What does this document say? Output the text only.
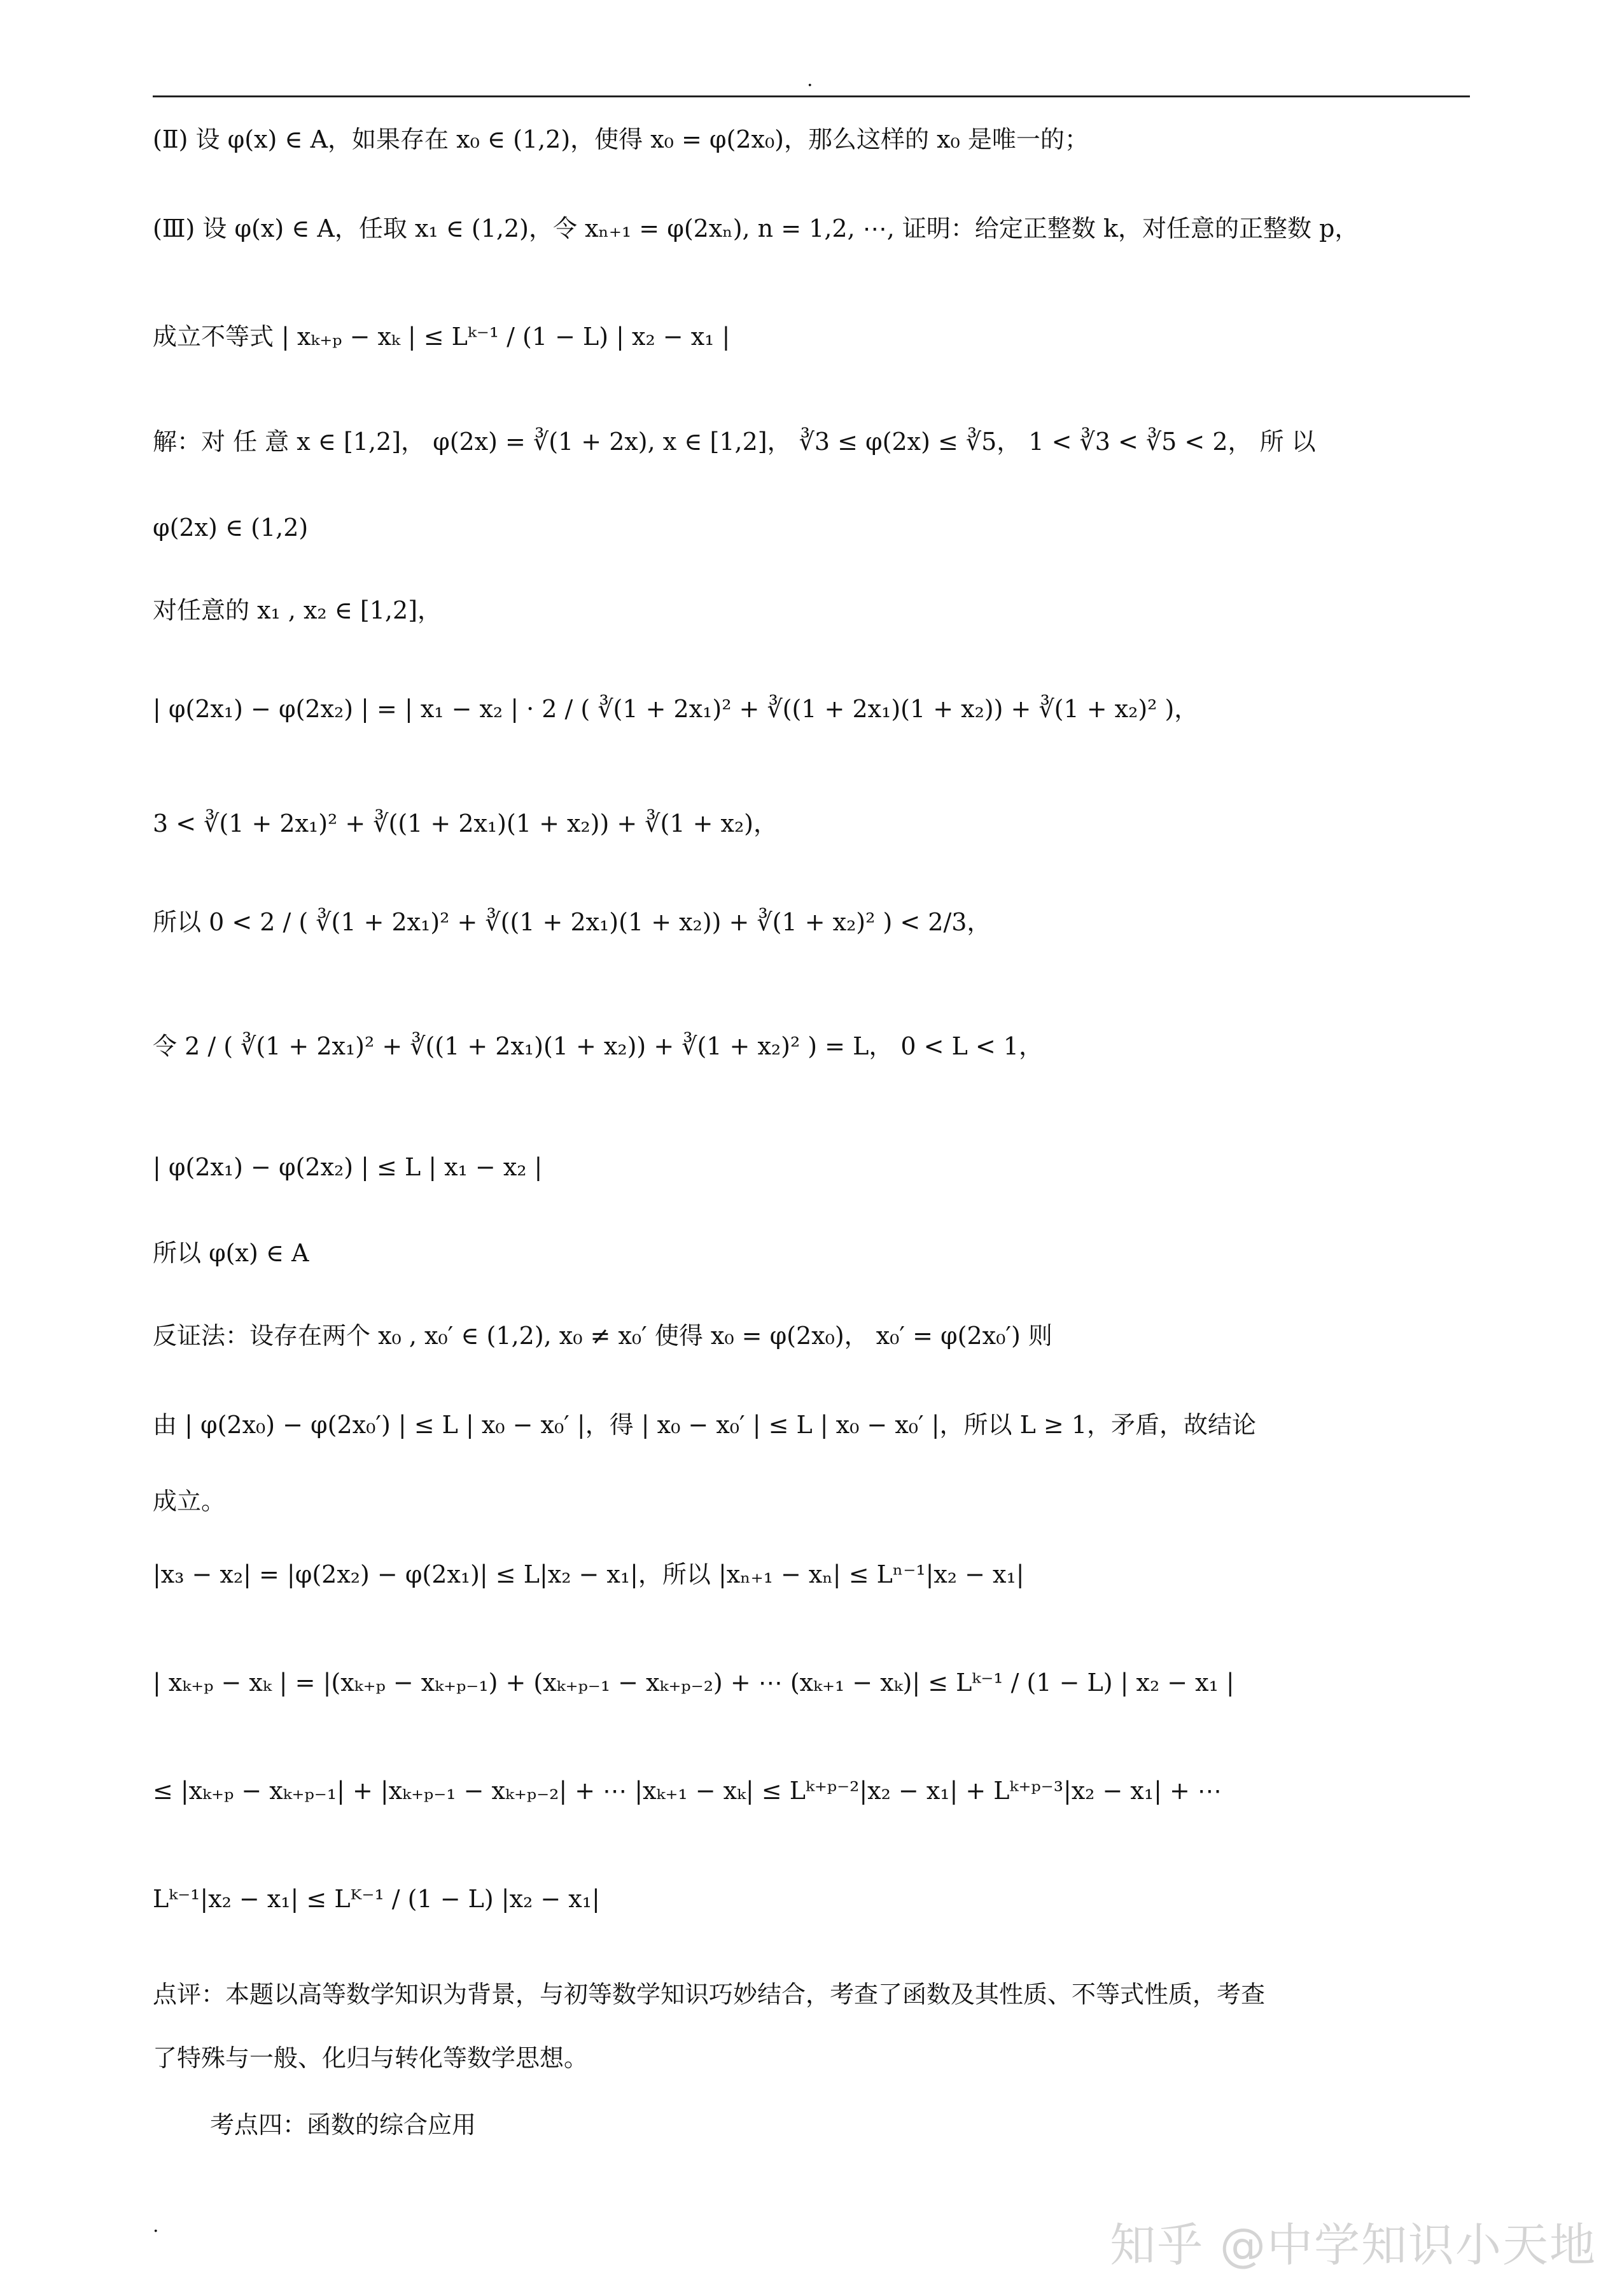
.
(Ⅱ) 设 φ(x) ∈ A，如果存在 x₀ ∈ (1,2)，使得 x₀ = φ(2x₀)，那么这样的 x₀ 是唯一的；
(Ⅲ) 设 φ(x) ∈ A，任取 x₁ ∈ (1,2)，令 xₙ₊₁ = φ(2xₙ), n = 1,2, ⋯, 证明：给定正整数 k，对任意的正整数 p，
成立不等式 | xₖ₊ₚ − xₖ | ≤ Lᵏ⁻¹ / (1 − L) | x₂ − x₁ |
解：对 任 意 x ∈ [1,2]， φ(2x) = ∛(1 + 2x), x ∈ [1,2]， ∛3 ≤ φ(2x) ≤ ∛5， 1 < ∛3 < ∛5 < 2， 所 以
φ(2x) ∈ (1,2)
对任意的 x₁ , x₂ ∈ [1,2]，
| φ(2x₁) − φ(2x₂) | = | x₁ − x₂ | · 2 / ( ∛(1 + 2x₁)² + ∛((1 + 2x₁)(1 + x₂)) + ∛(1 + x₂)² )，
3 < ∛(1 + 2x₁)² + ∛((1 + 2x₁)(1 + x₂)) + ∛(1 + x₂)，
所以 0 < 2 / ( ∛(1 + 2x₁)² + ∛((1 + 2x₁)(1 + x₂)) + ∛(1 + x₂)² ) < 2/3，
令 2 / ( ∛(1 + 2x₁)² + ∛((1 + 2x₁)(1 + x₂)) + ∛(1 + x₂)² ) = L， 0 < L < 1，
| φ(2x₁) − φ(2x₂) | ≤ L | x₁ − x₂ |
所以 φ(x) ∈ A
反证法：设存在两个 x₀ , x₀′ ∈ (1,2), x₀ ≠ x₀′ 使得 x₀ = φ(2x₀)， x₀′ = φ(2x₀′) 则
由 | φ(2x₀) − φ(2x₀′) | ≤ L | x₀ − x₀′ |，得 | x₀ − x₀′ | ≤ L | x₀ − x₀′ |，所以 L ≥ 1，矛盾，故结论
成立。
|x₃ − x₂| = |φ(2x₂) − φ(2x₁)| ≤ L|x₂ − x₁|，所以 |xₙ₊₁ − xₙ| ≤ Lⁿ⁻¹|x₂ − x₁|
| xₖ₊ₚ − xₖ | = |(xₖ₊ₚ − xₖ₊ₚ₋₁) + (xₖ₊ₚ₋₁ − xₖ₊ₚ₋₂) + ⋯ (xₖ₊₁ − xₖ)| ≤ Lᵏ⁻¹ / (1 − L) | x₂ − x₁ |
≤ |xₖ₊ₚ − xₖ₊ₚ₋₁| + |xₖ₊ₚ₋₁ − xₖ₊ₚ₋₂| + ⋯ |xₖ₊₁ − xₖ| ≤ Lᵏ⁺ᵖ⁻²|x₂ − x₁| + Lᵏ⁺ᵖ⁻³|x₂ − x₁| + ⋯
Lᵏ⁻¹|x₂ − x₁| ≤ Lᴷ⁻¹ / (1 − L) |x₂ − x₁|
点评：本题以高等数学知识为背景，与初等数学知识巧妙结合，考查了函数及其性质、不等式性质，考查
了特殊与一般、化归与转化等数学思想。
考点四：函数的综合应用
.	知乎 @中学知识小天地
